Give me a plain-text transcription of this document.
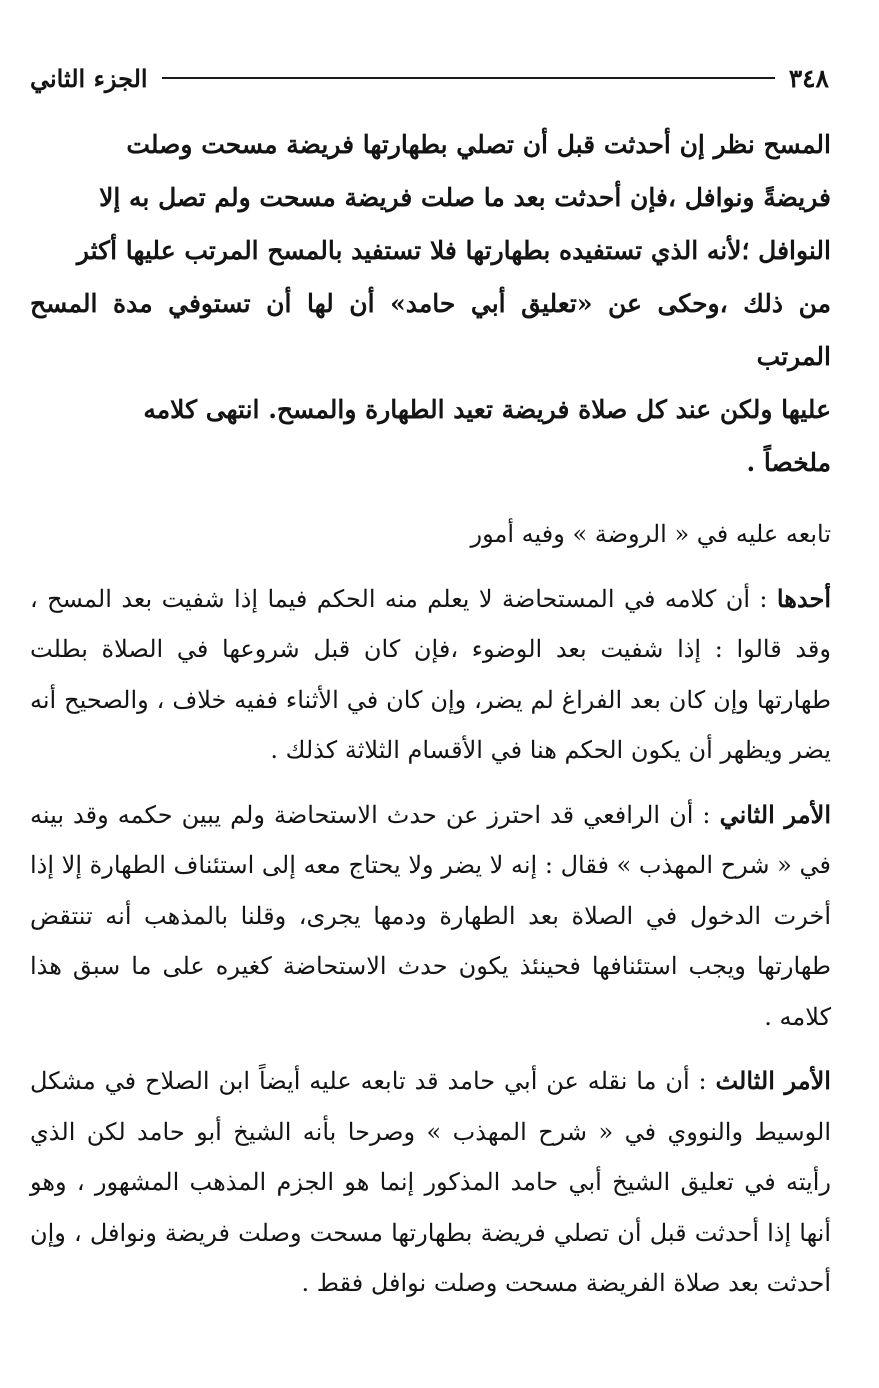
٣٤٨
الجزء الثاني

المسح نظر إن أحدثت قبل أن تصلي بطهارتها فريضة مسحت وصلت

فريضةً ونوافل ،فإن أحدثت بعد ما صلت فريضة مسحت ولم تصل به إلا

النوافل ؛لأنه الذي تستفيده بطهارتها فلا تستفيد بالمسح المرتب عليها أكثر

من ذلك ،وحكى عن «تعليق أبي حامد» أن لها أن تستوفي مدة المسح المرتب

عليها ولكن عند كل صلاة فريضة تعيد الطهارة والمسح. انتهى كلامه

ملخصاً .

تابعه عليه في « الروضة » وفيه أمور

أحدها : أن كلامه في المستحاضة لا يعلم منه الحكم فيما إذا شفيت بعد المسح ، وقد قالوا : إذا شفيت بعد الوضوء ،فإن كان قبل شروعها في الصلاة بطلت طهارتها وإن كان بعد الفراغ لم يضر، وإن كان في الأثناء ففيه خلاف ، والصحيح أنه يضر ويظهر أن يكون الحكم هنا في الأقسام الثلاثة كذلك .

الأمر الثاني : أن الرافعي قد احترز عن حدث الاستحاضة ولم يبين حكمه وقد بينه في « شرح المهذب » فقال : إنه لا يضر ولا يحتاج معه إلى استئناف الطهارة إلا إذا أخرت الدخول في الصلاة بعد الطهارة ودمها يجرى، وقلنا بالمذهب أنه تنتقض طهارتها ويجب استئنافها فحينئذ يكون حدث الاستحاضة كغيره على ما سبق هذا كلامه .

الأمر الثالث : أن ما نقله عن أبي حامد قد تابعه عليه أيضاً ابن الصلاح في مشكل الوسيط والنووي في « شرح المهذب » وصرحا بأنه الشيخ أبو حامد لكن الذي رأيته في تعليق الشيخ أبي حامد المذكور إنما هو الجزم المذهب المشهور ، وهو أنها إذا أحدثت قبل أن تصلي فريضة بطهارتها مسحت وصلت فريضة ونوافل ، وإن أحدثت بعد صلاة الفريضة مسحت وصلت نوافل فقط .
